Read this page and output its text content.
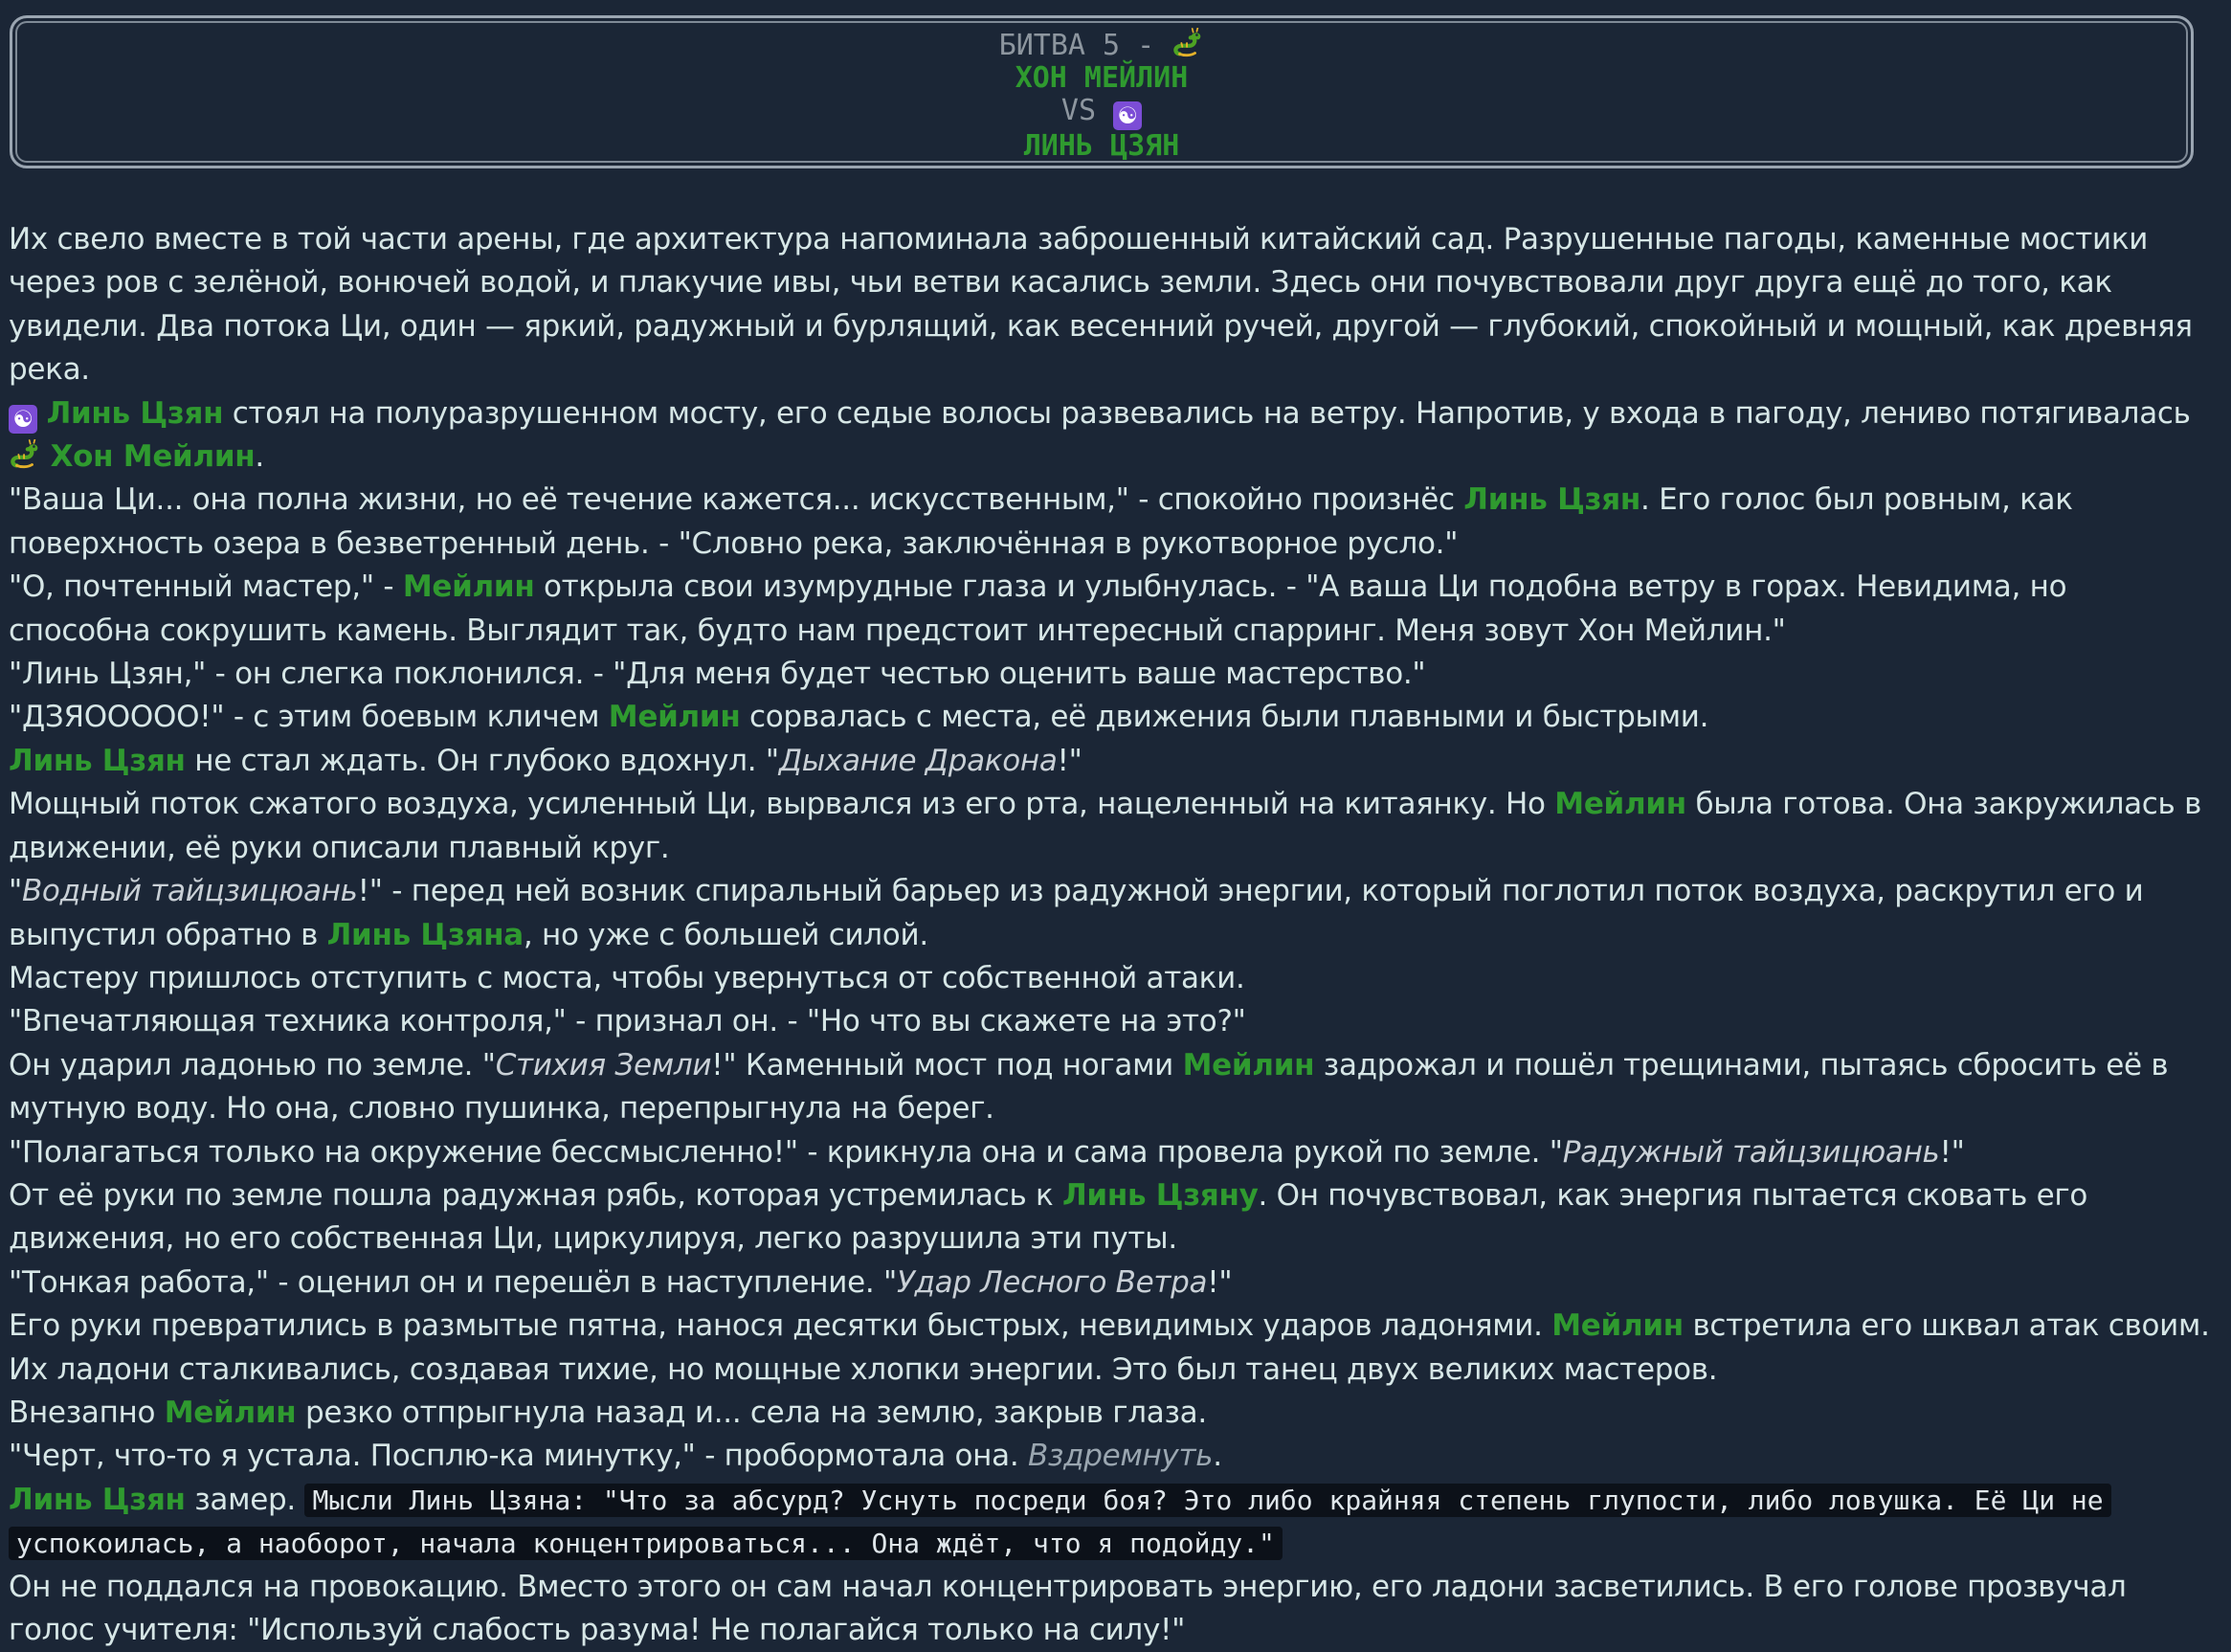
БИТВА 5 -
ХОН МЕЙЛИН
VS ☯
ЛИНЬ ЦЗЯН

Их свело вместе в той части арены, где архитектура напоминала заброшенный китайский сад. Разрушенные пагоды, каменные мостики через ров с зелёной, вонючей водой, и плакучие ивы, чьи ветви касались земли. Здесь они почувствовали друг друга ещё до того, как увидели. Два потока Ци, один — яркий, радужный и бурлящий, как весенний ручей, другой — глубокий, спокойный и мощный, как древняя река.

☯ Линь Цзян стоял на полуразрушенном мосту, его седые волосы развевались на ветру. Напротив, у входа в пагоду, лениво потягивалась  Хон Мейлин.

"Ваша Ци... она полна жизни, но её течение кажется... искусственным," - спокойно произнёс Линь Цзян. Его голос был ровным, как поверхность озера в безветренный день. - "Словно река, заключённая в рукотворное русло."

"О, почтенный мастер," - Мейлин открыла свои изумрудные глаза и улыбнулась. - "А ваша Ци подобна ветру в горах. Невидима, но способна сокрушить камень. Выглядит так, будто нам предстоит интересный спарринг. Меня зовут Хон Мейлин."

"Линь Цзян," - он слегка поклонился. - "Для меня будет честью оценить ваше мастерство."

"ДЗЯООООО!" - с этим боевым кличем Мейлин сорвалась с места, её движения были плавными и быстрыми.

Линь Цзян не стал ждать. Он глубоко вдохнул. "Дыхание Дракона!"

Мощный поток сжатого воздуха, усиленный Ци, вырвался из его рта, нацеленный на китаянку. Но Мейлин была готова. Она закружилась в движении, её руки описали плавный круг.

"Водный тайцзицюань!" - перед ней возник спиральный барьер из радужной энергии, который поглотил поток воздуха, раскрутил его и выпустил обратно в Линь Цзяна, но уже с большей силой.

Мастеру пришлось отступить с моста, чтобы увернуться от собственной атаки.

"Впечатляющая техника контроля," - признал он. - "Но что вы скажете на это?"

Он ударил ладонью по земле. "Стихия Земли!" Каменный мост под ногами Мейлин задрожал и пошёл трещинами, пытаясь сбросить её в мутную воду. Но она, словно пушинка, перепрыгнула на берег.

"Полагаться только на окружение бессмысленно!" - крикнула она и сама провела рукой по земле. "Радужный тайцзицюань!"

От её руки по земле пошла радужная рябь, которая устремилась к Линь Цзяну. Он почувствовал, как энергия пытается сковать его движения, но его собственная Ци, циркулируя, легко разрушила эти путы.

"Тонкая работа," - оценил он и перешёл в наступление. "Удар Лесного Ветра!"

Его руки превратились в размытые пятна, нанося десятки быстрых, невидимых ударов ладонями. Мейлин встретила его шквал атак своим. Их ладони сталкивались, создавая тихие, но мощные хлопки энергии. Это был танец двух великих мастеров.

Внезапно Мейлин резко отпрыгнула назад и... села на землю, закрыв глаза.

"Черт, что-то я устала. Посплю-ка минутку," - пробормотала она. Вздремнуть.

Линь Цзян замер. Мысли Линь Цзяна: "Что за абсурд? Уснуть посреди боя? Это либо крайняя степень глупости, либо ловушка. Её Ци не успокоилась, а наоборот, начала концентрироваться... Она ждёт, что я подойду."

Он не поддался на провокацию. Вместо этого он сам начал концентрировать энергию, его ладони засветились. В его голове прозвучал голос учителя: "Используй слабость разума! Не полагайся только на силу!"
